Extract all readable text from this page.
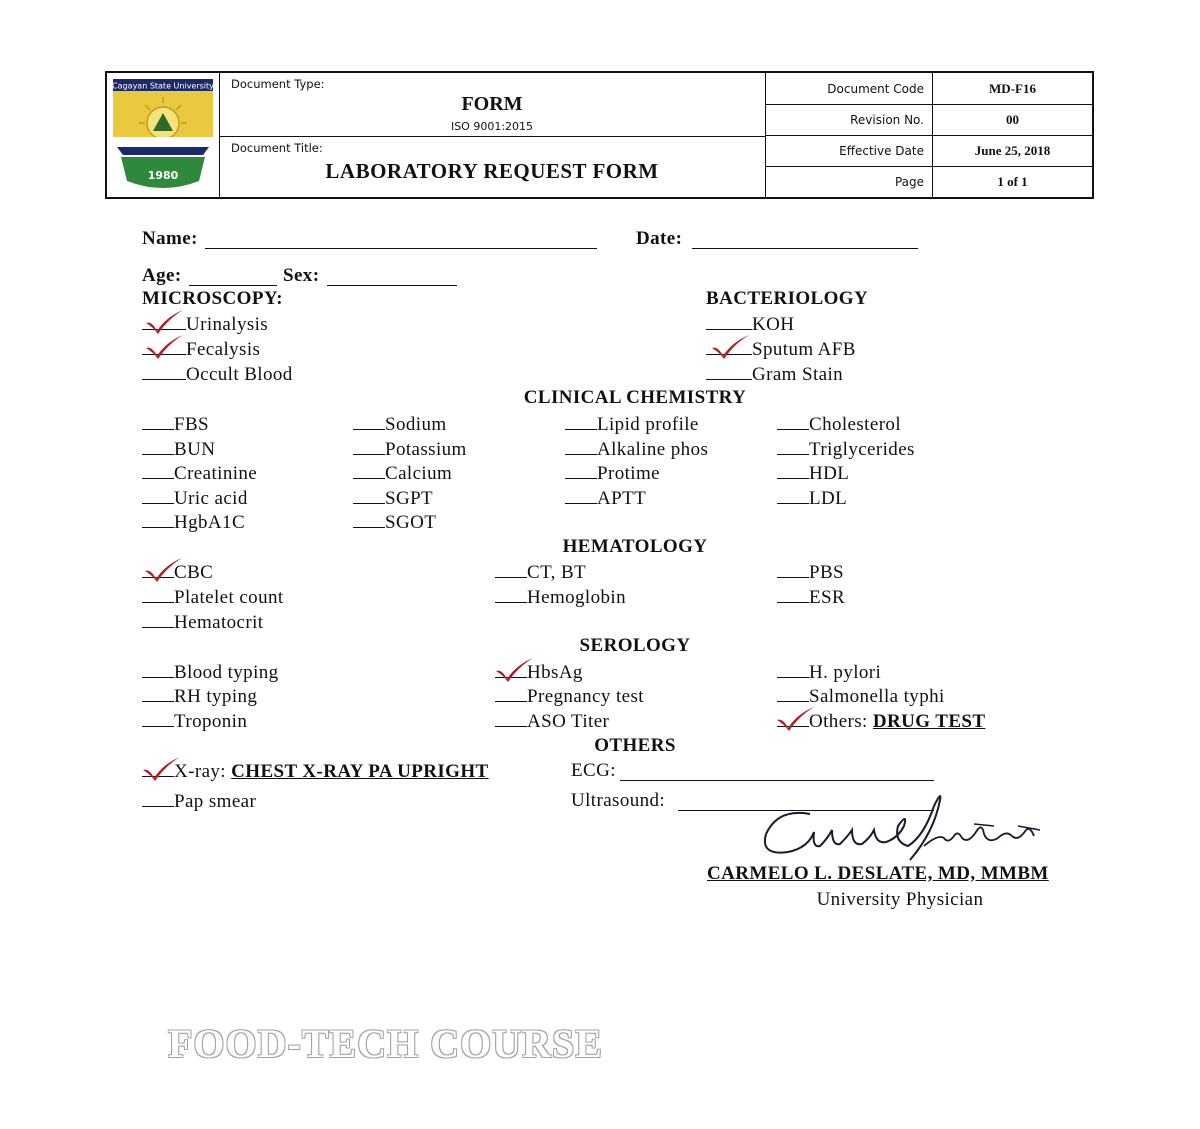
Cagayan State University
1980
Document Type:
FORM
ISO 9001:2015
Document Title:
LABORATORY REQUEST FORM
Document Code	MD-F16
Revision No.	00
Effective Date	June 25, 2018
Page	1 of 1
Name:	Date:
Age:	Sex:
MICROSCOPY:	BACTERIOLOGY
Urinalysis
Fecalysis
Occult Blood
KOH
Sputum AFB
Gram Stain
CLINICAL CHEMISTRY
FBS
BUN
Creatinine
Uric acid
HgbA1C
Sodium
Potassium
Calcium
SGPT
SGOT
Lipid profile
Alkaline phos
Protime
APTT
Cholesterol
Triglycerides
HDL
LDL
HEMATOLOGY
CBC
Platelet count
Hematocrit
CT, BT
Hemoglobin
PBS
ESR
SEROLOGY
Blood typing
RH typing
Troponin
HbsAg
Pregnancy test
ASO Titer
H. pylori
Salmonella typhi
Others: DRUG TEST
OTHERS
X-ray: CHEST X-RAY PA UPRIGHT
Pap smear
ECG:
Ultrasound:
CARMELO L. DESLATE, MD, MMBM
University Physician
FOOD-TECH COURSE
